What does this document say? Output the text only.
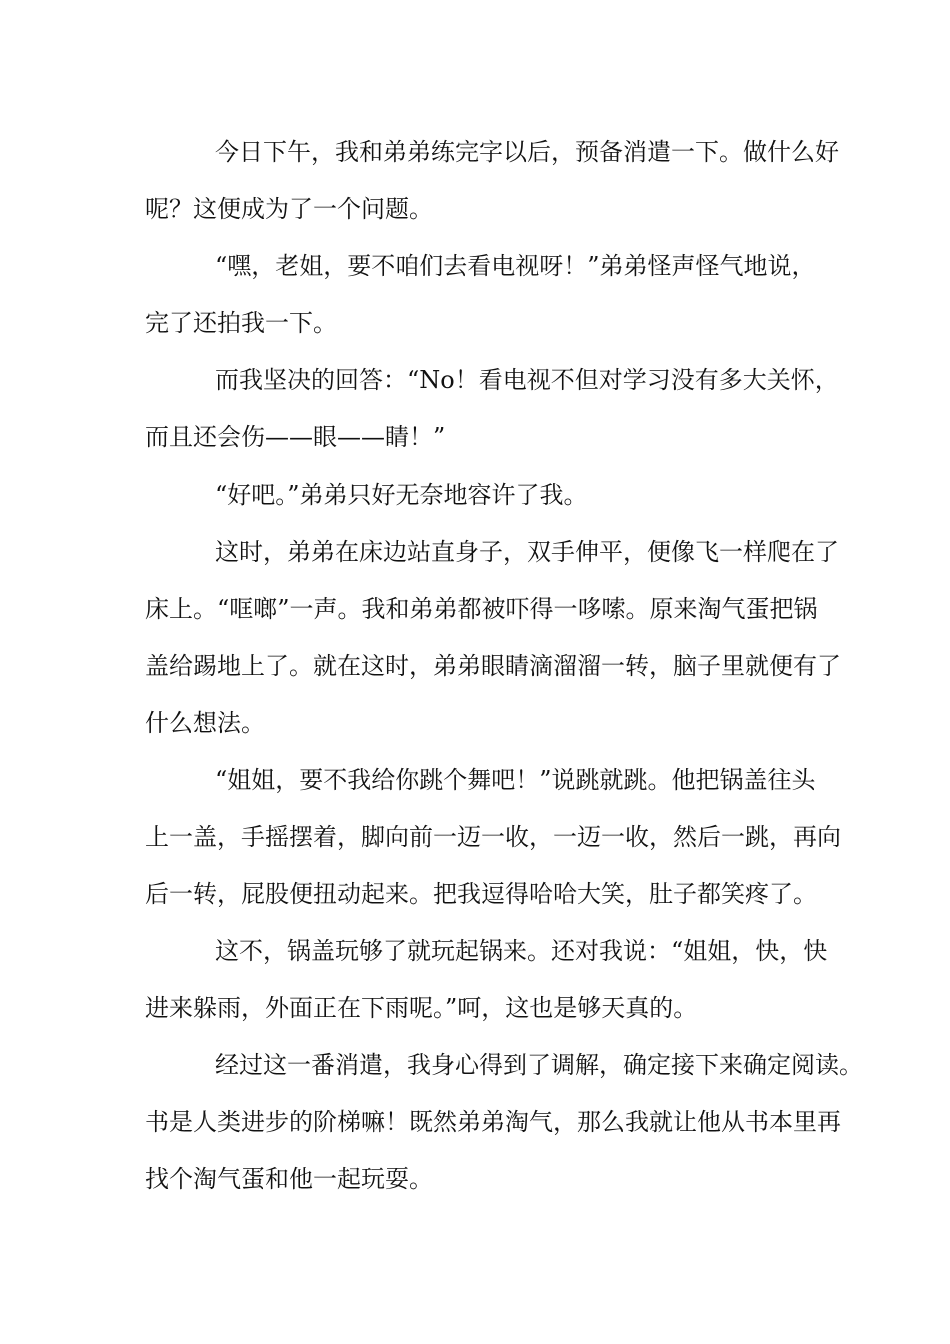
今日下午，我和弟弟练完字以后，预备消遣一下。做什么好
呢？这便成为了一个问题。
“嘿，老姐，要不咱们去看电视呀！”弟弟怪声怪气地说，
完了还拍我一下。
而我坚决的回答：“No！看电视不但对学习没有多大关怀，
而且还会伤——眼——睛！”
“好吧。”弟弟只好无奈地容许了我。
这时，弟弟在床边站直身子，双手伸平，便像飞一样爬在了
床上。“哐啷”一声。我和弟弟都被吓得一哆嗦。原来淘气蛋把锅
盖给踢地上了。就在这时，弟弟眼睛滴溜溜一转，脑子里就便有了
什么想法。
“姐姐，要不我给你跳个舞吧！”说跳就跳。他把锅盖往头
上一盖，手摇摆着，脚向前一迈一收，一迈一收，然后一跳，再向
后一转，屁股便扭动起来。把我逗得哈哈大笑，肚子都笑疼了。
这不，锅盖玩够了就玩起锅来。还对我说：“姐姐，快，快
进来躲雨，外面正在下雨呢。”呵，这也是够天真的。
经过这一番消遣，我身心得到了调解，确定接下来确定阅读。
书是人类进步的阶梯嘛！既然弟弟淘气，那么我就让他从书本里再
找个淘气蛋和他一起玩耍。
